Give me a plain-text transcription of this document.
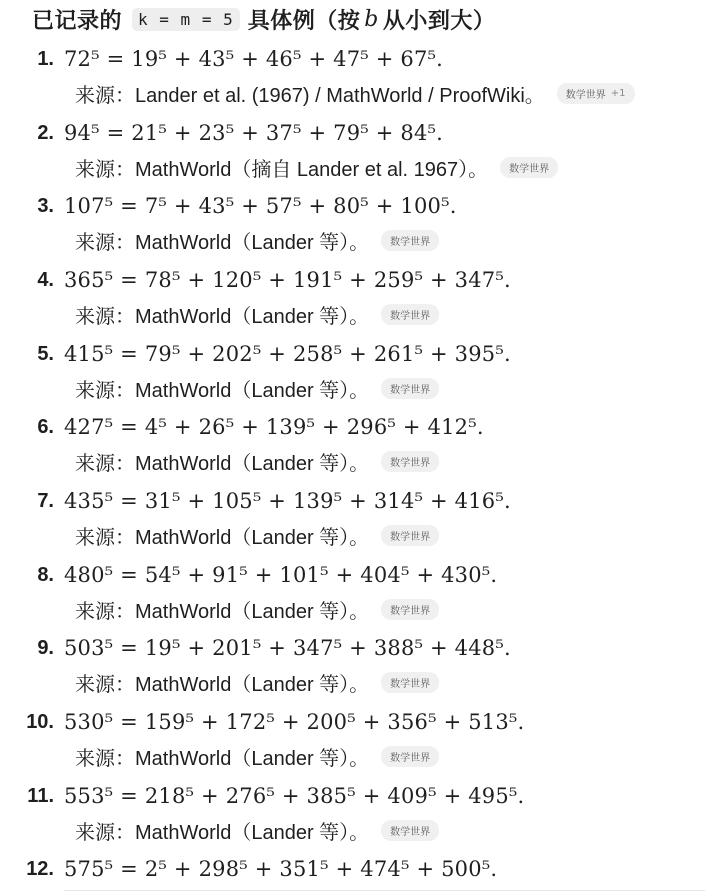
已记录的	k = m = 5 具体例（按 b 从小到大）
1. 72⁵ = 19⁵ + 43⁵ + 46⁵ + 47⁵ + 67⁵.
来源：Lander et al. (1967) / MathWorld / ProofWiki。 数学世界 +1
2. 94⁵ = 21⁵ + 23⁵ + 37⁵ + 79⁵ + 84⁵.
来源：MathWorld（摘自 Lander et al. 1967）。 数学世界
3. 107⁵ = 7⁵ + 43⁵ + 57⁵ + 80⁵ + 100⁵.
来源：MathWorld（Lander 等）。 数学世界
4. 365⁵ = 78⁵ + 120⁵ + 191⁵ + 259⁵ + 347⁵.
来源：MathWorld（Lander 等）。 数学世界
5. 415⁵ = 79⁵ + 202⁵ + 258⁵ + 261⁵ + 395⁵.
来源：MathWorld（Lander 等）。 数学世界
6. 427⁵ = 4⁵ + 26⁵ + 139⁵ + 296⁵ + 412⁵.
来源：MathWorld（Lander 等）。 数学世界
7. 435⁵ = 31⁵ + 105⁵ + 139⁵ + 314⁵ + 416⁵.
来源：MathWorld（Lander 等）。 数学世界
8. 480⁵ = 54⁵ + 91⁵ + 101⁵ + 404⁵ + 430⁵.
来源：MathWorld（Lander 等）。 数学世界
9. 503⁵ = 19⁵ + 201⁵ + 347⁵ + 388⁵ + 448⁵.
来源：MathWorld（Lander 等）。 数学世界
10. 530⁵ = 159⁵ + 172⁵ + 200⁵ + 356⁵ + 513⁵.
来源：MathWorld（Lander 等）。 数学世界
11. 553⁵ = 218⁵ + 276⁵ + 385⁵ + 409⁵ + 495⁵.
来源：MathWorld（Lander 等）。 数学世界
12. 575⁵ = 2⁵ + 298⁵ + 351⁵ + 474⁵ + 500⁵.
